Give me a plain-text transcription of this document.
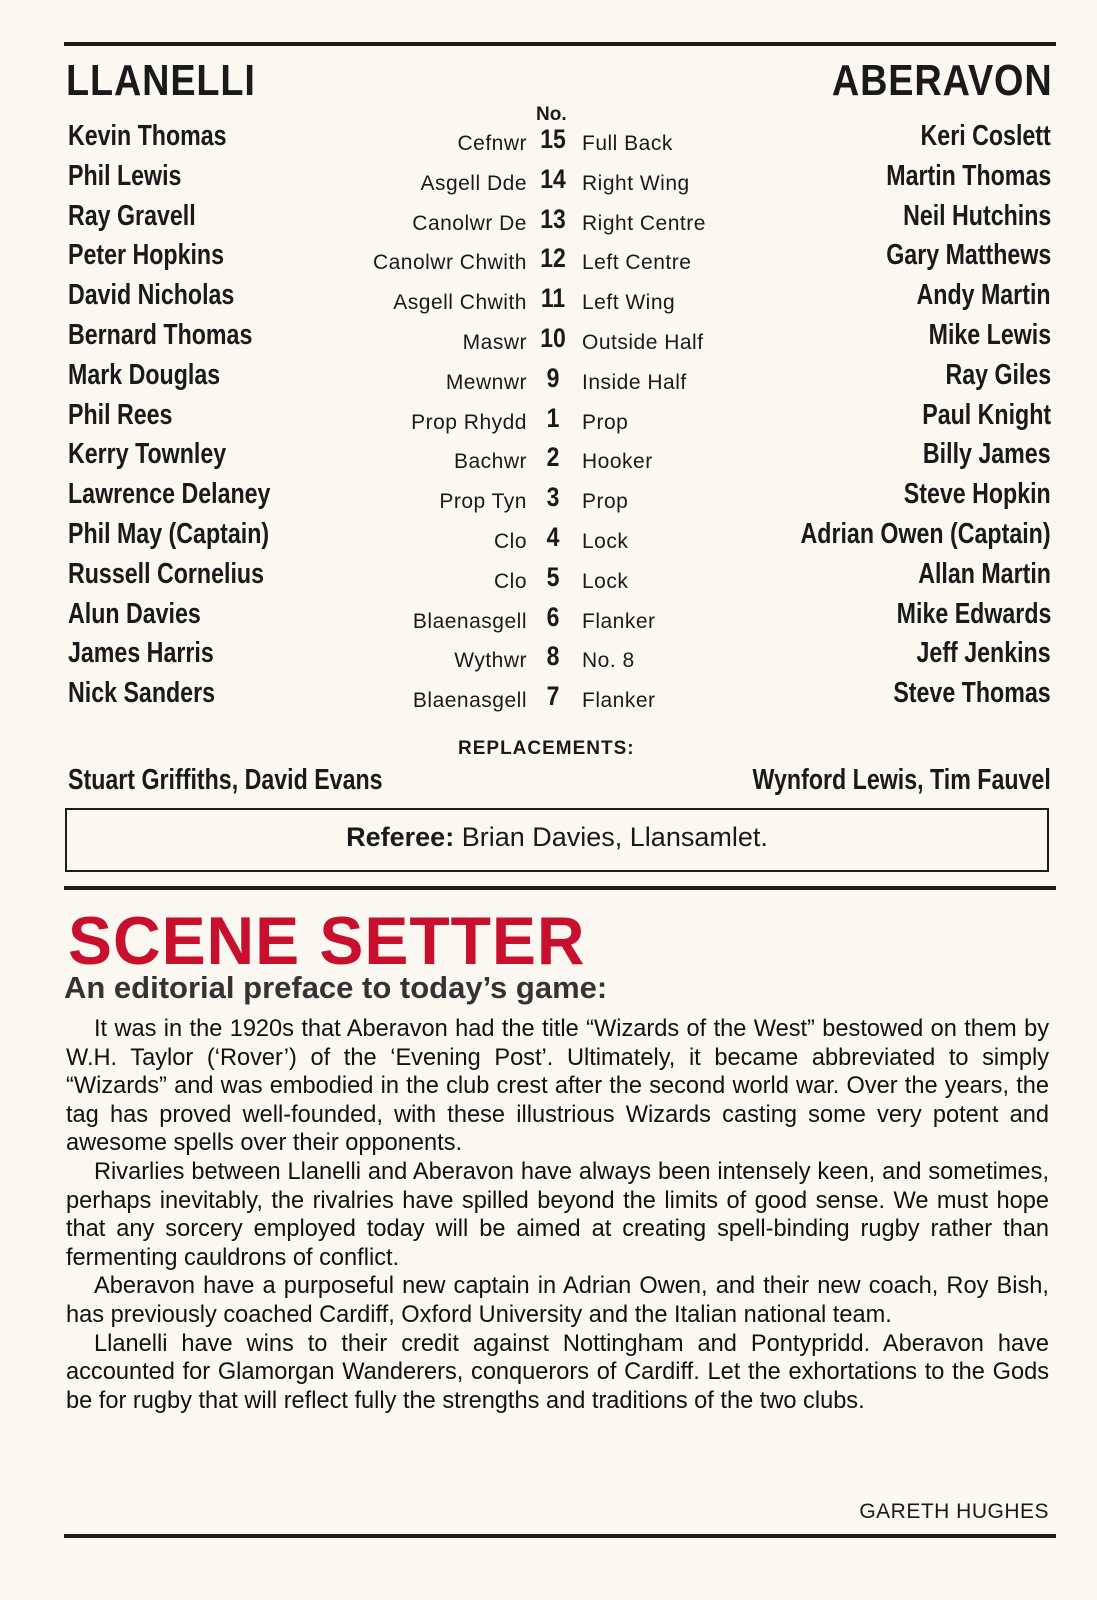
LLANELLI	ABERAVON

No.

Kevin Thomas	Cefnwr 15 Full Back	Keri Coslett
Phil Lewis	Asgell Dde 14 Right Wing	Martin Thomas
Ray Gravell	Canolwr De 13 Right Centre	Neil Hutchins
Peter Hopkins	Canolwr Chwith 12 Left Centre	Gary Matthews
David Nicholas	Asgell Chwith 11 Left Wing	Andy Martin
Bernard Thomas	Maswr 10 Outside Half	Mike Lewis
Mark Douglas	Mewnwr 9	Inside Half	Ray Giles
Phil Rees	Prop Rhydd 1	Prop	Paul Knight
Kerry Townley	Bachwr 2	Hooker	Billy James
Lawrence Delaney	Prop Tyn 3	Prop	Steve Hopkin
Phil May (Captain)	Clo 4	Lock	Adrian Owen (Captain)
Russell Cornelius	Clo 5	Lock	Allan Martin
Alun Davies	Blaenasgell 6	Flanker	Mike Edwards
James Harris	Wythwr 8	No. 8	Jeff Jenkins
Nick Sanders	Blaenasgell 7	Flanker	Steve Thomas

REPLACEMENTS:

Stuart Griffiths, David Evans	Wynford Lewis, Tim Fauvel
Referee: Brian Davies, Llansamlet.
SCENE SETTER
An editorial preface to today’s game:

It was in the 1920s that Aberavon had the title “Wizards of the West” bestowed on them by W.H. Taylor (‘Rover’) of the ‘Evening Post’. Ultimately, it became abbreviated to simply “Wizards” and was embodied in the club crest after the second world war. Over the years, the tag has proved well-founded, with these illustrious Wizards casting some very potent and awesome spells over their opponents.

Rivarlies between Llanelli and Aberavon have always been intensely keen, and sometimes, perhaps inevitably, the rivalries have spilled beyond the limits of good sense. We must hope that any sorcery employed today will be aimed at creating spell-binding rugby rather than fermenting cauldrons of conflict.

Aberavon have a purposeful new captain in Adrian Owen, and their new coach, Roy Bish, has previously coached Cardiff, Oxford University and the Italian national team.

Llanelli have wins to their credit against Nottingham and Pontypridd. Aberavon have accounted for Glamorgan Wanderers, conquerors of Cardiff. Let the exhortations to the Gods be for rugby that will reflect fully the strengths and traditions of the two clubs.

GARETH HUGHES
